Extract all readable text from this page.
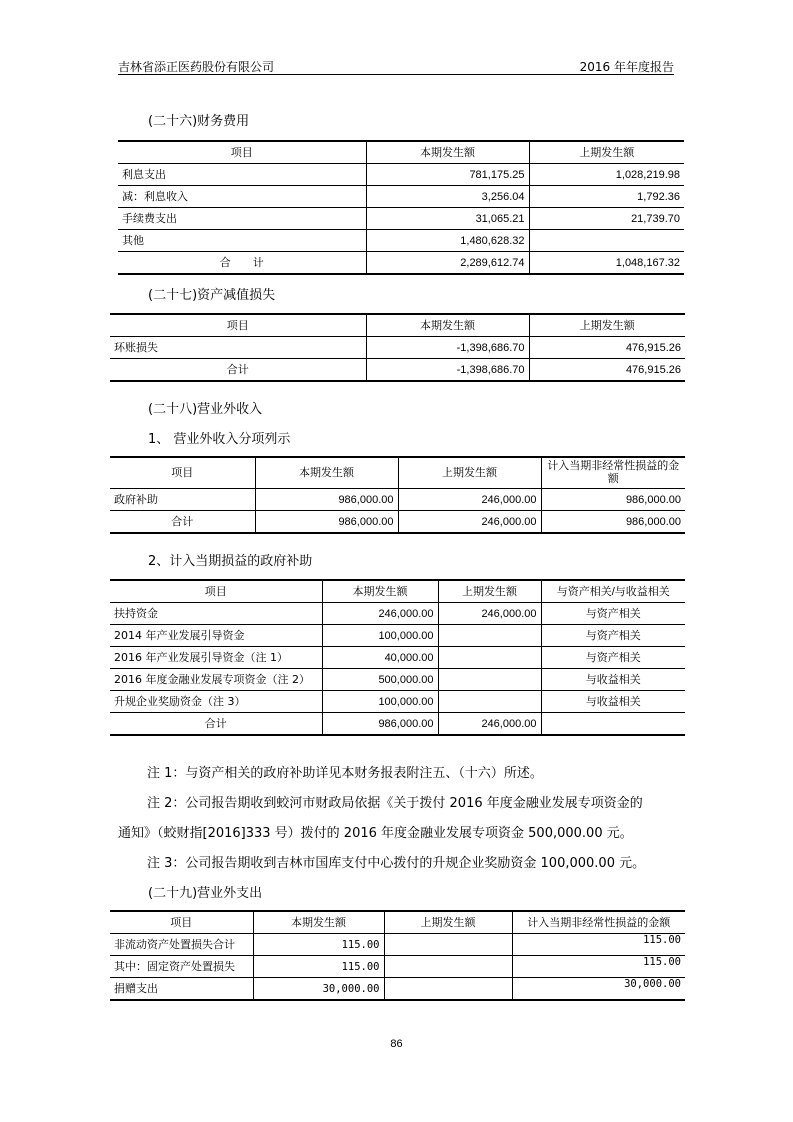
吉林省添正医药股份有限公司	2016 年年度报告
(二十六)财务费用
项目	本期发生额	上期发生额
利息支出	781,175.25	1,028,219.98
减：利息收入	3,256.04	1,792.36
手续费支出	31,065.21	21,739.70
其他	1,480,628.32	
合　　计	2,289,612.74	1,048,167.32
(二十七)资产减值损失
项目	本期发生额	上期发生额
环账损失	-1,398,686.70	476,915.26
合计	-1,398,686.70	476,915.26
(二十八)营业外收入
1、 营业外收入分项列示
项目	本期发生额	上期发生额	计入当期非经常性损益的金额
政府补助	986,000.00	246,000.00	986,000.00
合计	986,000.00	246,000.00	986,000.00
2、计入当期损益的政府补助
项目	本期发生额	上期发生额	与资产相关/与收益相关
扶持资金	246,000.00	246,000.00	与资产相关
2014 年产业发展引导资金	100,000.00		与资产相关
2016 年产业发展引导资金（注 1）	40,000.00		与资产相关
2016 年度金融业发展专项资金（注 2）	500,000.00		与收益相关
升规企业奖励资金（注 3）	100,000.00		与收益相关
合计	986,000.00	246,000.00	
注 1：与资产相关的政府补助详见本财务报表附注五、（十六）所述。
注 2：公司报告期收到蛟河市财政局依据《关于拨付 2016 年度金融业发展专项资金的
通知》（蛟财指[2016]333 号）拨付的 2016 年度金融业发展专项资金 500,000.00 元。
注 3：公司报告期收到吉林市国库支付中心拨付的升规企业奖励资金 100,000.00 元。
(二十九)营业外支出
项目	本期发生额	上期发生额	计入当期非经常性损益的金额
非流动资产处置损失合计	115.00		115.00
其中：固定资产处置损失	115.00		115.00
捐赠支出	30,000.00		30,000.00
86
